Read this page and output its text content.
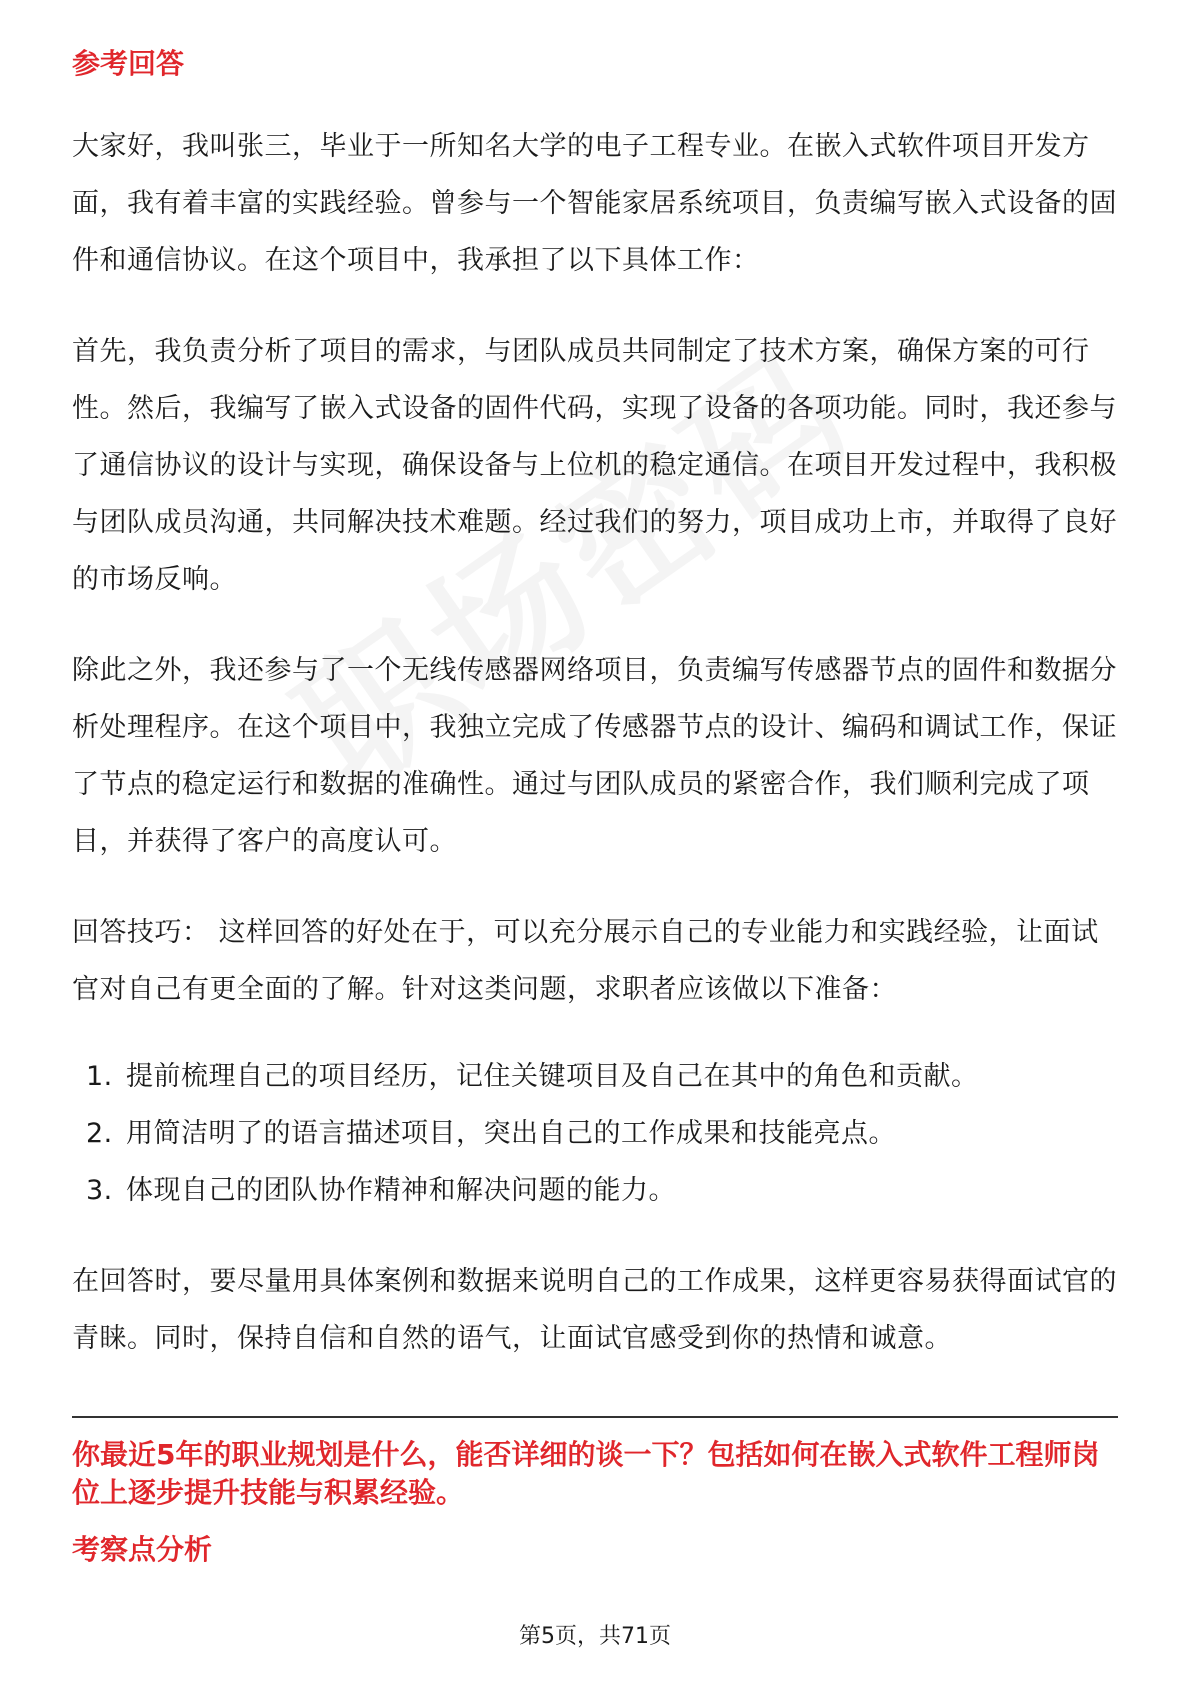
参考回答

大家好，我叫张三，毕业于一所知名大学的电子工程专业。在嵌入式软件项目开发方面，我有着丰富的实践经验。曾参与一个智能家居系统项目，负责编写嵌入式设备的固件和通信协议。在这个项目中，我承担了以下具体工作：

首先，我负责分析了项目的需求，与团队成员共同制定了技术方案，确保方案的可行性。然后，我编写了嵌入式设备的固件代码，实现了设备的各项功能。同时，我还参与了通信协议的设计与实现，确保设备与上位机的稳定通信。在项目开发过程中，我积极与团队成员沟通，共同解决技术难题。经过我们的努力，项目成功上市，并取得了良好的市场反响。

除此之外，我还参与了一个无线传感器网络项目，负责编写传感器节点的固件和数据分析处理程序。在这个项目中，我独立完成了传感器节点的设计、编码和调试工作，保证了节点的稳定运行和数据的准确性。通过与团队成员的紧密合作，我们顺利完成了项目，并获得了客户的高度认可。

回答技巧： 这样回答的好处在于，可以充分展示自己的专业能力和实践经验，让面试官对自己有更全面的了解。针对这类问题，求职者应该做以下准备：

1. 提前梳理自己的项目经历，记住关键项目及自己在其中的角色和贡献。
2. 用简洁明了的语言描述项目，突出自己的工作成果和技能亮点。
3. 体现自己的团队协作精神和解决问题的能力。

在回答时，要尽量用具体案例和数据来说明自己的工作成果，这样更容易获得面试官的青睐。同时，保持自信和自然的语气，让面试官感受到你的热情和诚意。

你最近5年的职业规划是什么，能否详细的谈一下？包括如何在嵌入式软件工程师岗位上逐步提升技能与积累经验。
考察点分析
第5页，共71页
